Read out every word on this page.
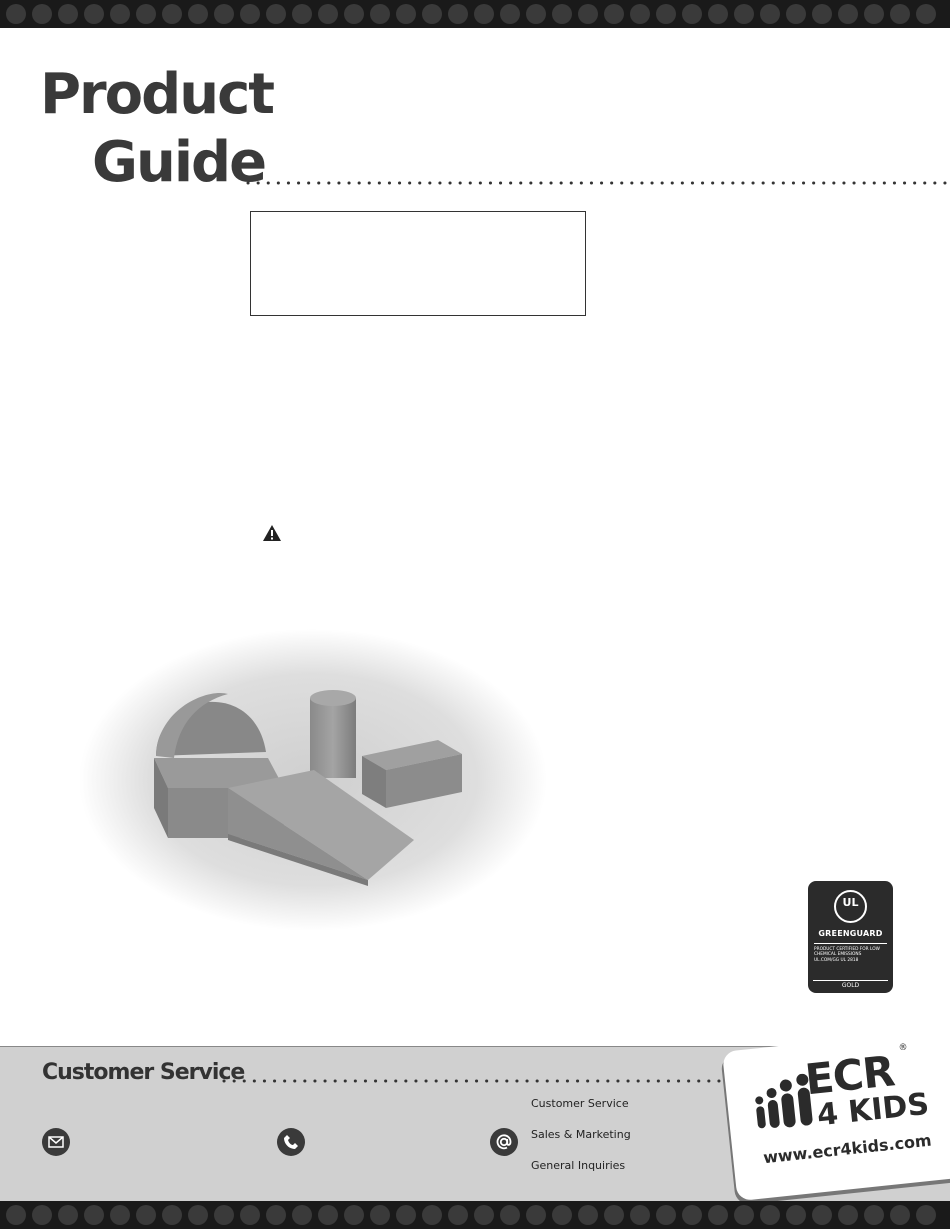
Product
Guide
UL
GREENGUARD
PRODUCT CERTIFIED FOR LOW CHEMICAL EMISSIONS UL.COM/GG UL 2818
GOLD
Customer Service
Customer Service
Sales & Marketing
General Inquiries
ECR ®
4 KIDS
www.ecr4kids.com
